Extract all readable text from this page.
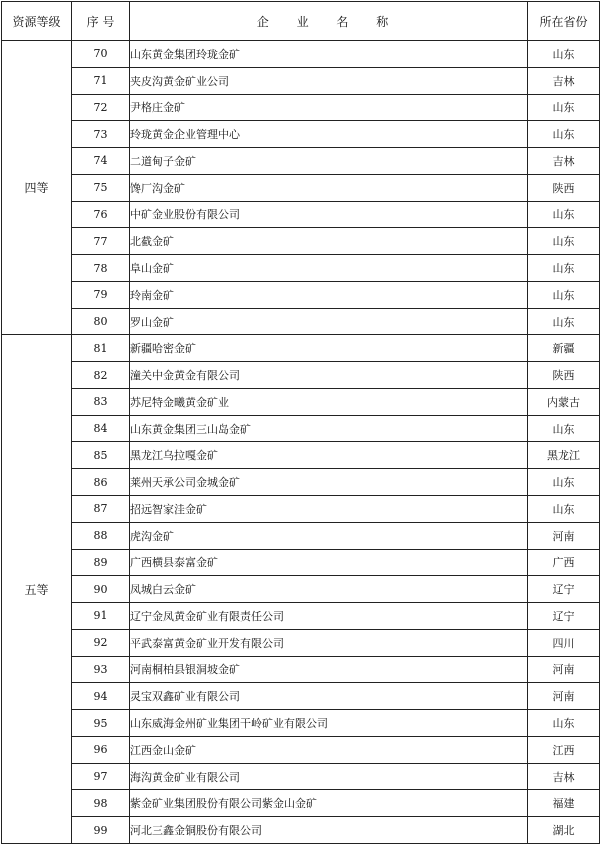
资源等级	序 号	企 业 名 称	所在省份
四等	70	山东黄金集团玲珑金矿	山东
	71	夹皮沟黄金矿业公司	吉林
	72	尹格庄金矿	山东
	73	玲珑黄金企业管理中心	山东
	74	二道甸子金矿	吉林
	75	馋厂沟金矿	陕西
	76	中矿金业股份有限公司	山东
	77	北截金矿	山东
	78	阜山金矿	山东
	79	玲南金矿	山东
	80	罗山金矿	山东
五等	81	新疆哈密金矿	新疆
	82	潼关中金黄金有限公司	陕西
	83	苏尼特金曦黄金矿业	内蒙古
	84	山东黄金集团三山岛金矿	山东
	85	黑龙江乌拉嘎金矿	黑龙江
	86	莱州天承公司金城金矿	山东
	87	招远智家洼金矿	山东
	88	虎沟金矿	河南
	89	广西横县泰富金矿	广西
	90	凤城白云金矿	辽宁
	91	辽宁金凤黄金矿业有限责任公司	辽宁
	92	平武泰富黄金矿业开发有限公司	四川
	93	河南桐柏县银洞坡金矿	河南
	94	灵宝双鑫矿业有限公司	河南
	95	山东威海金州矿业集团干岭矿业有限公司	山东
	96	江西金山金矿	江西
	97	海沟黄金矿业有限公司	吉林
	98	紫金矿业集团股份有限公司紫金山金矿	福建
	99	河北三鑫金铜股份有限公司	湖北
